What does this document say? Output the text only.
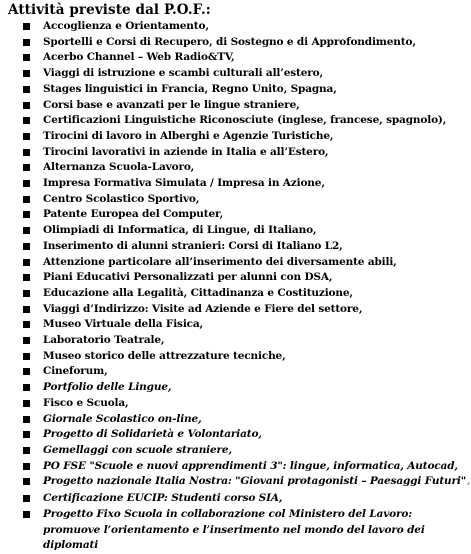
Attività previste dal P.O.F.:
Accoglienza e Orientamento,
Sportelli e Corsi di Recupero, di Sostegno e di Approfondimento,
Acerbo Channel – Web Radio&TV,
Viaggi di istruzione e scambi culturali all’estero,
Stages linguistici in Francia, Regno Unito, Spagna,
Corsi base e avanzati per le lingue straniere,
Certificazioni Linguistiche Riconosciute (inglese, francese, spagnolo),
Tirocini di lavoro in Alberghi e Agenzie Turistiche,
Tirocini lavorativi in aziende in Italia e all’Estero,
Alternanza Scuola-Lavoro,
Impresa Formativa Simulata / Impresa in Azione,
Centro Scolastico Sportivo,
Patente Europea del Computer,
Olimpiadi di Informatica, di Lingue, di Italiano,
Inserimento di alunni stranieri: Corsi di Italiano L2,
Attenzione particolare all’inserimento dei diversamente abili,
Piani Educativi Personalizzati per alunni con DSA,
Educazione alla Legalità, Cittadinanza e Costituzione,
Viaggi d’Indirizzo: Visite ad Aziende e Fiere del settore,
Museo Virtuale della Fisica,
Laboratorio Teatrale,
Museo storico delle attrezzature tecniche,
Cineforum,
Portfolio delle Lingue,
Fisco e Scuola,
Giornale Scolastico on-line,
Progetto di Solidarietà e Volontariato,
Gemellaggi con scuole straniere,
PO FSE "Scuole e nuovi apprendimenti 3": lingue, informatica, Autocad,
Progetto nazionale Italia Nostra: "Giovani protagonisti – Paesaggi Futuri"‚
Certificazione EUCIP: Studenti corso SIA,
Progetto Fixo Scuola in collaborazione col Ministero del Lavoro: promuove l’orientamento e l’inserimento nel mondo del lavoro dei diplomati
